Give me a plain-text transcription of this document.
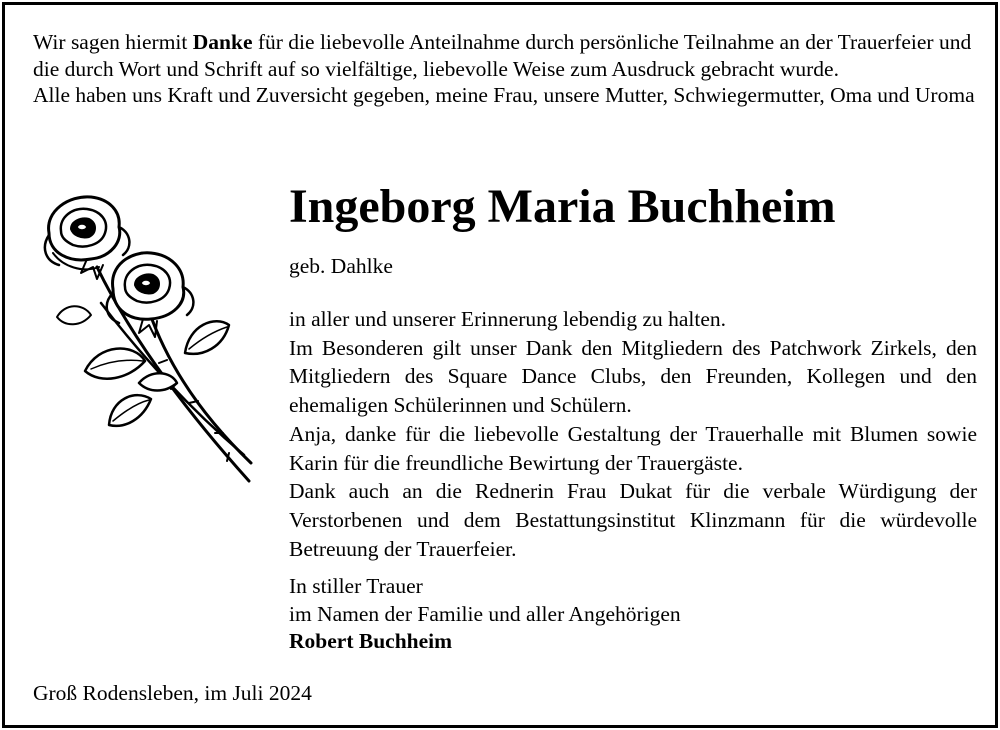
Wir sagen hiermit Danke für die liebevolle Anteilnahme durch persönliche Teilnahme an der Trauerfeier und die durch Wort und Schrift auf so vielfältige, liebevolle Weise zum Ausdruck gebracht wurde.

Alle haben uns Kraft und Zuversicht gegeben, meine Frau, unsere Mutter, Schwiegermutter, Oma und Uroma

Ingeborg Maria Buchheim
geb. Dahlke

in aller und unserer Erinnerung lebendig zu halten.

Im Besonderen gilt unser Dank den Mitgliedern des Patchwork Zirkels, den Mitgliedern des Square Dance Clubs, den Freunden, Kollegen und den ehemaligen Schülerinnen und Schülern.

Anja, danke für die liebevolle Gestaltung der Trauerhalle mit Blumen sowie Karin für die freundliche Bewirtung der Trauergäste.

Dank auch an die Rednerin Frau Dukat für die verbale Würdigung der Verstorbenen und dem Bestattungsinstitut Klinzmann für die würdevolle Betreuung der Trauerfeier.

In stiller Trauer
im Namen der Familie und aller Angehörigen
Robert Buchheim
Groß Rodensleben, im Juli 2024
